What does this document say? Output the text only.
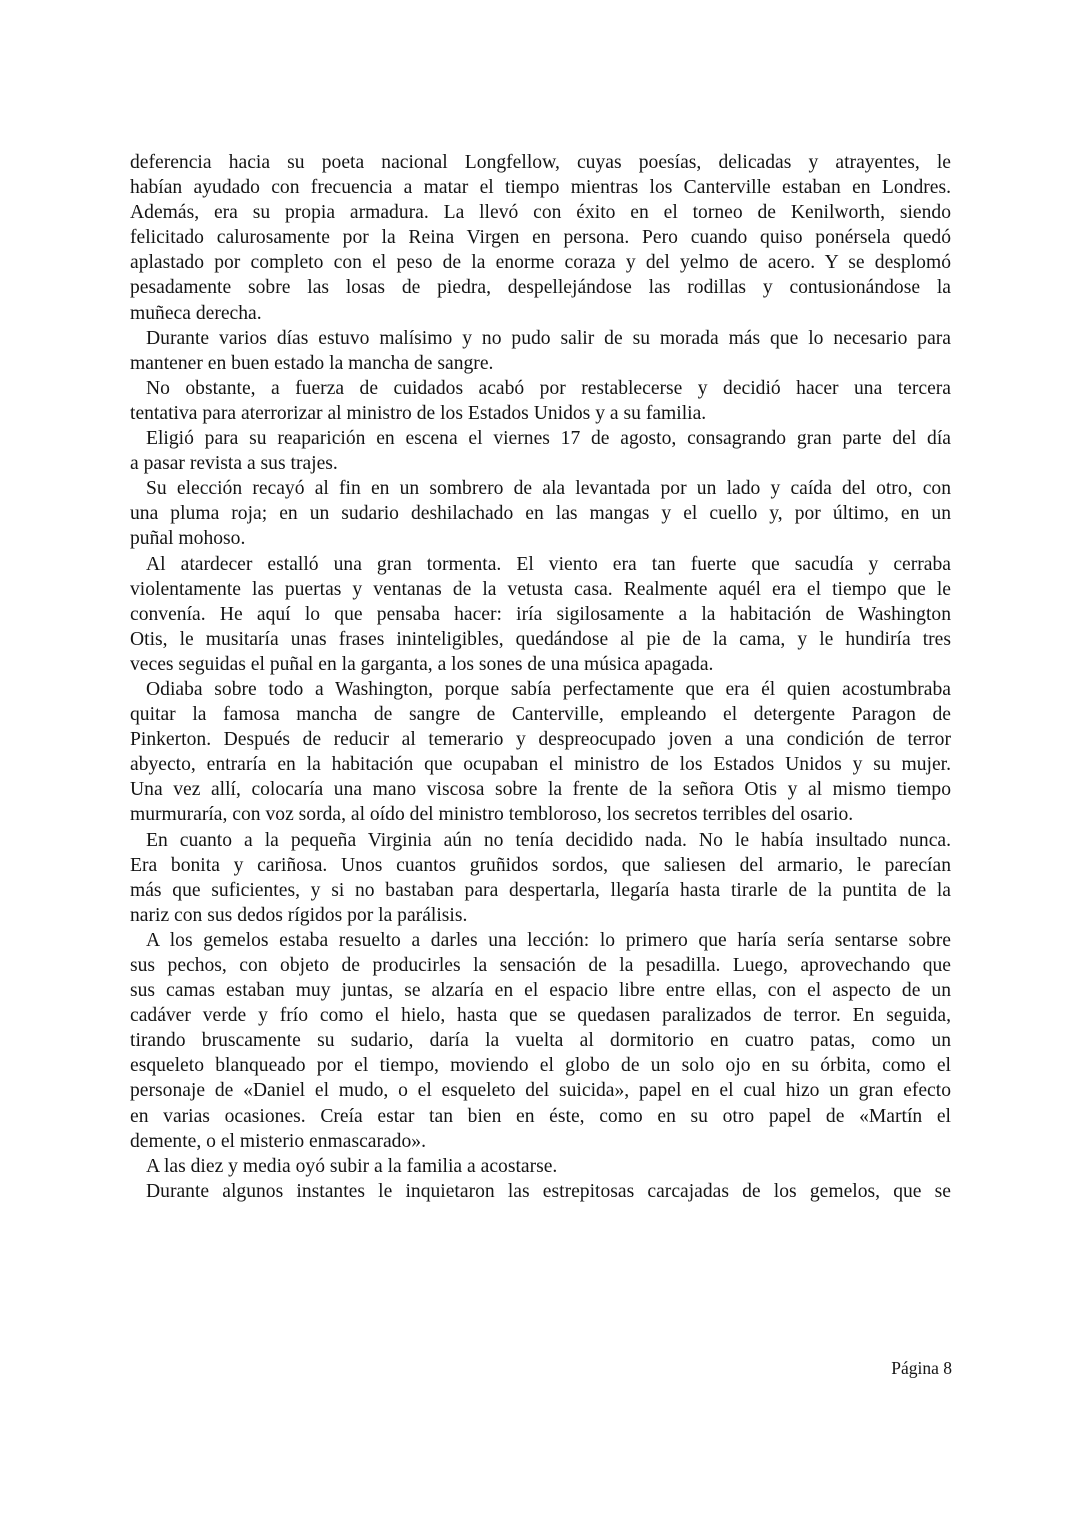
deferencia hacia su poeta nacional Longfellow, cuyas poesías, delicadas y atrayentes, le
habían ayudado con frecuencia a matar el tiempo mientras los Canterville estaban en Londres.
Además, era su propia armadura. La llevó con éxito en el torneo de Kenilworth, siendo
felicitado calurosamente por la Reina Virgen en persona. Pero cuando quiso ponérsela quedó
aplastado por completo con el peso de la enorme coraza y del yelmo de acero. Y se desplomó
pesadamente sobre las losas de piedra, despellejándose las rodillas y contusionándose la
muñeca derecha.
Durante varios días estuvo malísimo y no pudo salir de su morada más que lo necesario para
mantener en buen estado la mancha de sangre.
No obstante, a fuerza de cuidados acabó por restablecerse y decidió hacer una tercera
tentativa para aterrorizar al ministro de los Estados Unidos y a su familia.
Eligió para su reaparición en escena el viernes 17 de agosto, consagrando gran parte del día
a pasar revista a sus trajes.
Su elección recayó al fin en un sombrero de ala levantada por un lado y caída del otro, con
una pluma roja; en un sudario deshilachado en las mangas y el cuello y, por último, en un
puñal mohoso.
Al atardecer estalló una gran tormenta. El viento era tan fuerte que sacudía y cerraba
violentamente las puertas y ventanas de la vetusta casa. Realmente aquél era el tiempo que le
convenía. He aquí lo que pensaba hacer: iría sigilosamente a la habitación de Washington
Otis, le musitaría unas frases ininteligibles, quedándose al pie de la cama, y le hundiría tres
veces seguidas el puñal en la garganta, a los sones de una música apagada.
Odiaba sobre todo a Washington, porque sabía perfectamente que era él quien acostumbraba
quitar la famosa mancha de sangre de Canterville, empleando el detergente Paragon de
Pinkerton. Después de reducir al temerario y despreocupado joven a una condición de terror
abyecto, entraría en la habitación que ocupaban el ministro de los Estados Unidos y su mujer.
Una vez allí, colocaría una mano viscosa sobre la frente de la señora Otis y al mismo tiempo
murmuraría, con voz sorda, al oído del ministro tembloroso, los secretos terribles del osario.
En cuanto a la pequeña Virginia aún no tenía decidido nada. No le había insultado nunca.
Era bonita y cariñosa. Unos cuantos gruñidos sordos, que saliesen del armario, le parecían
más que suficientes, y si no bastaban para despertarla, llegaría hasta tirarle de la puntita de la
nariz con sus dedos rígidos por la parálisis.
A los gemelos estaba resuelto a darles una lección: lo primero que haría sería sentarse sobre
sus pechos, con objeto de producirles la sensación de la pesadilla. Luego, aprovechando que
sus camas estaban muy juntas, se alzaría en el espacio libre entre ellas, con el aspecto de un
cadáver verde y frío como el hielo, hasta que se quedasen paralizados de terror. En seguida,
tirando bruscamente su sudario, daría la vuelta al dormitorio en cuatro patas, como un
esqueleto blanqueado por el tiempo, moviendo el globo de un solo ojo en su órbita, como el
personaje de «Daniel el mudo, o el esqueleto del suicida», papel en el cual hizo un gran efecto
en varias ocasiones. Creía estar tan bien en éste, como en su otro papel de «Martín el
demente, o el misterio enmascarado».
A las diez y media oyó subir a la familia a acostarse.
Durante algunos instantes le inquietaron las estrepitosas carcajadas de los gemelos, que se
Página 8
